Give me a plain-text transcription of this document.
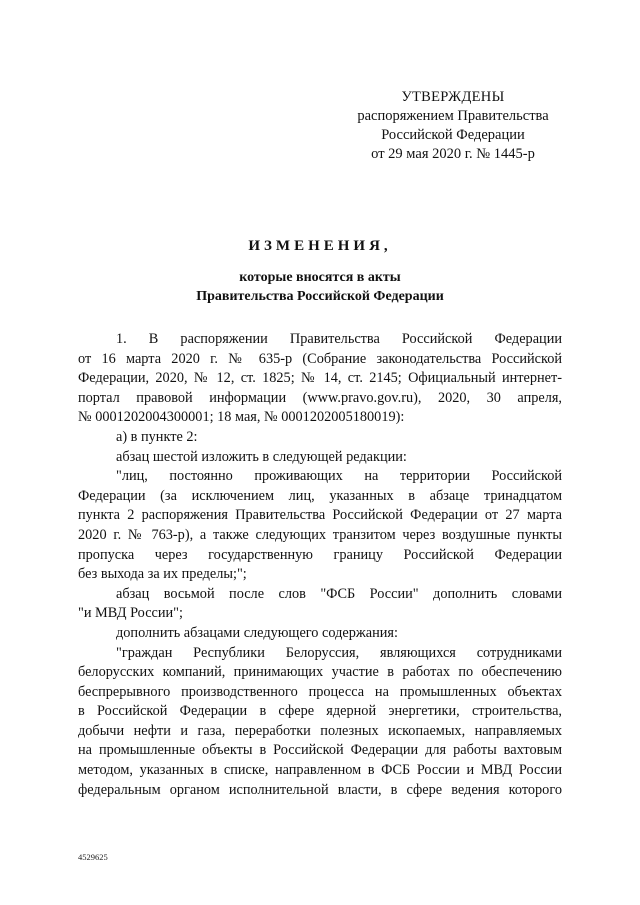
УТВЕРЖДЕНЫ
распоряжением Правительства
Российской Федерации
от 29 мая 2020 г. № 1445-р
ИЗМЕНЕНИЯ,
которые вносятся в акты
Правительства Российской Федерации
1. В распоряжении Правительства Российской Федерации
от 16 марта 2020 г. № 635-р (Собрание законодательства Российской
Федерации, 2020, № 12, ст. 1825; № 14, ст. 2145; Официальный интернет-
портал правовой информации (www.pravo.gov.ru), 2020, 30 апреля,
№ 0001202004300001; 18 мая, № 0001202005180019):
а) в пункте 2:
абзац шестой изложить в следующей редакции:
"лиц, постоянно проживающих на территории Российской
Федерации (за исключением лиц, указанных в абзаце тринадцатом
пункта 2 распоряжения Правительства Российской Федерации от 27 марта
2020 г. № 763-р), а также следующих транзитом через воздушные пункты
пропуска через государственную границу Российской Федерации
без выхода за их пределы;";
абзац восьмой после слов "ФСБ России" дополнить словами
"и МВД России";
дополнить абзацами следующего содержания:
"граждан Республики Белоруссия, являющихся сотрудниками
белорусских компаний, принимающих участие в работах по обеспечению
беспрерывного производственного процесса на промышленных объектах
в Российской Федерации в сфере ядерной энергетики, строительства,
добычи нефти и газа, переработки полезных ископаемых, направляемых
на промышленные объекты в Российской Федерации для работы вахтовым
методом, указанных в списке, направленном в ФСБ России и МВД России
федеральным органом исполнительной власти, в сфере ведения которого
4529625
